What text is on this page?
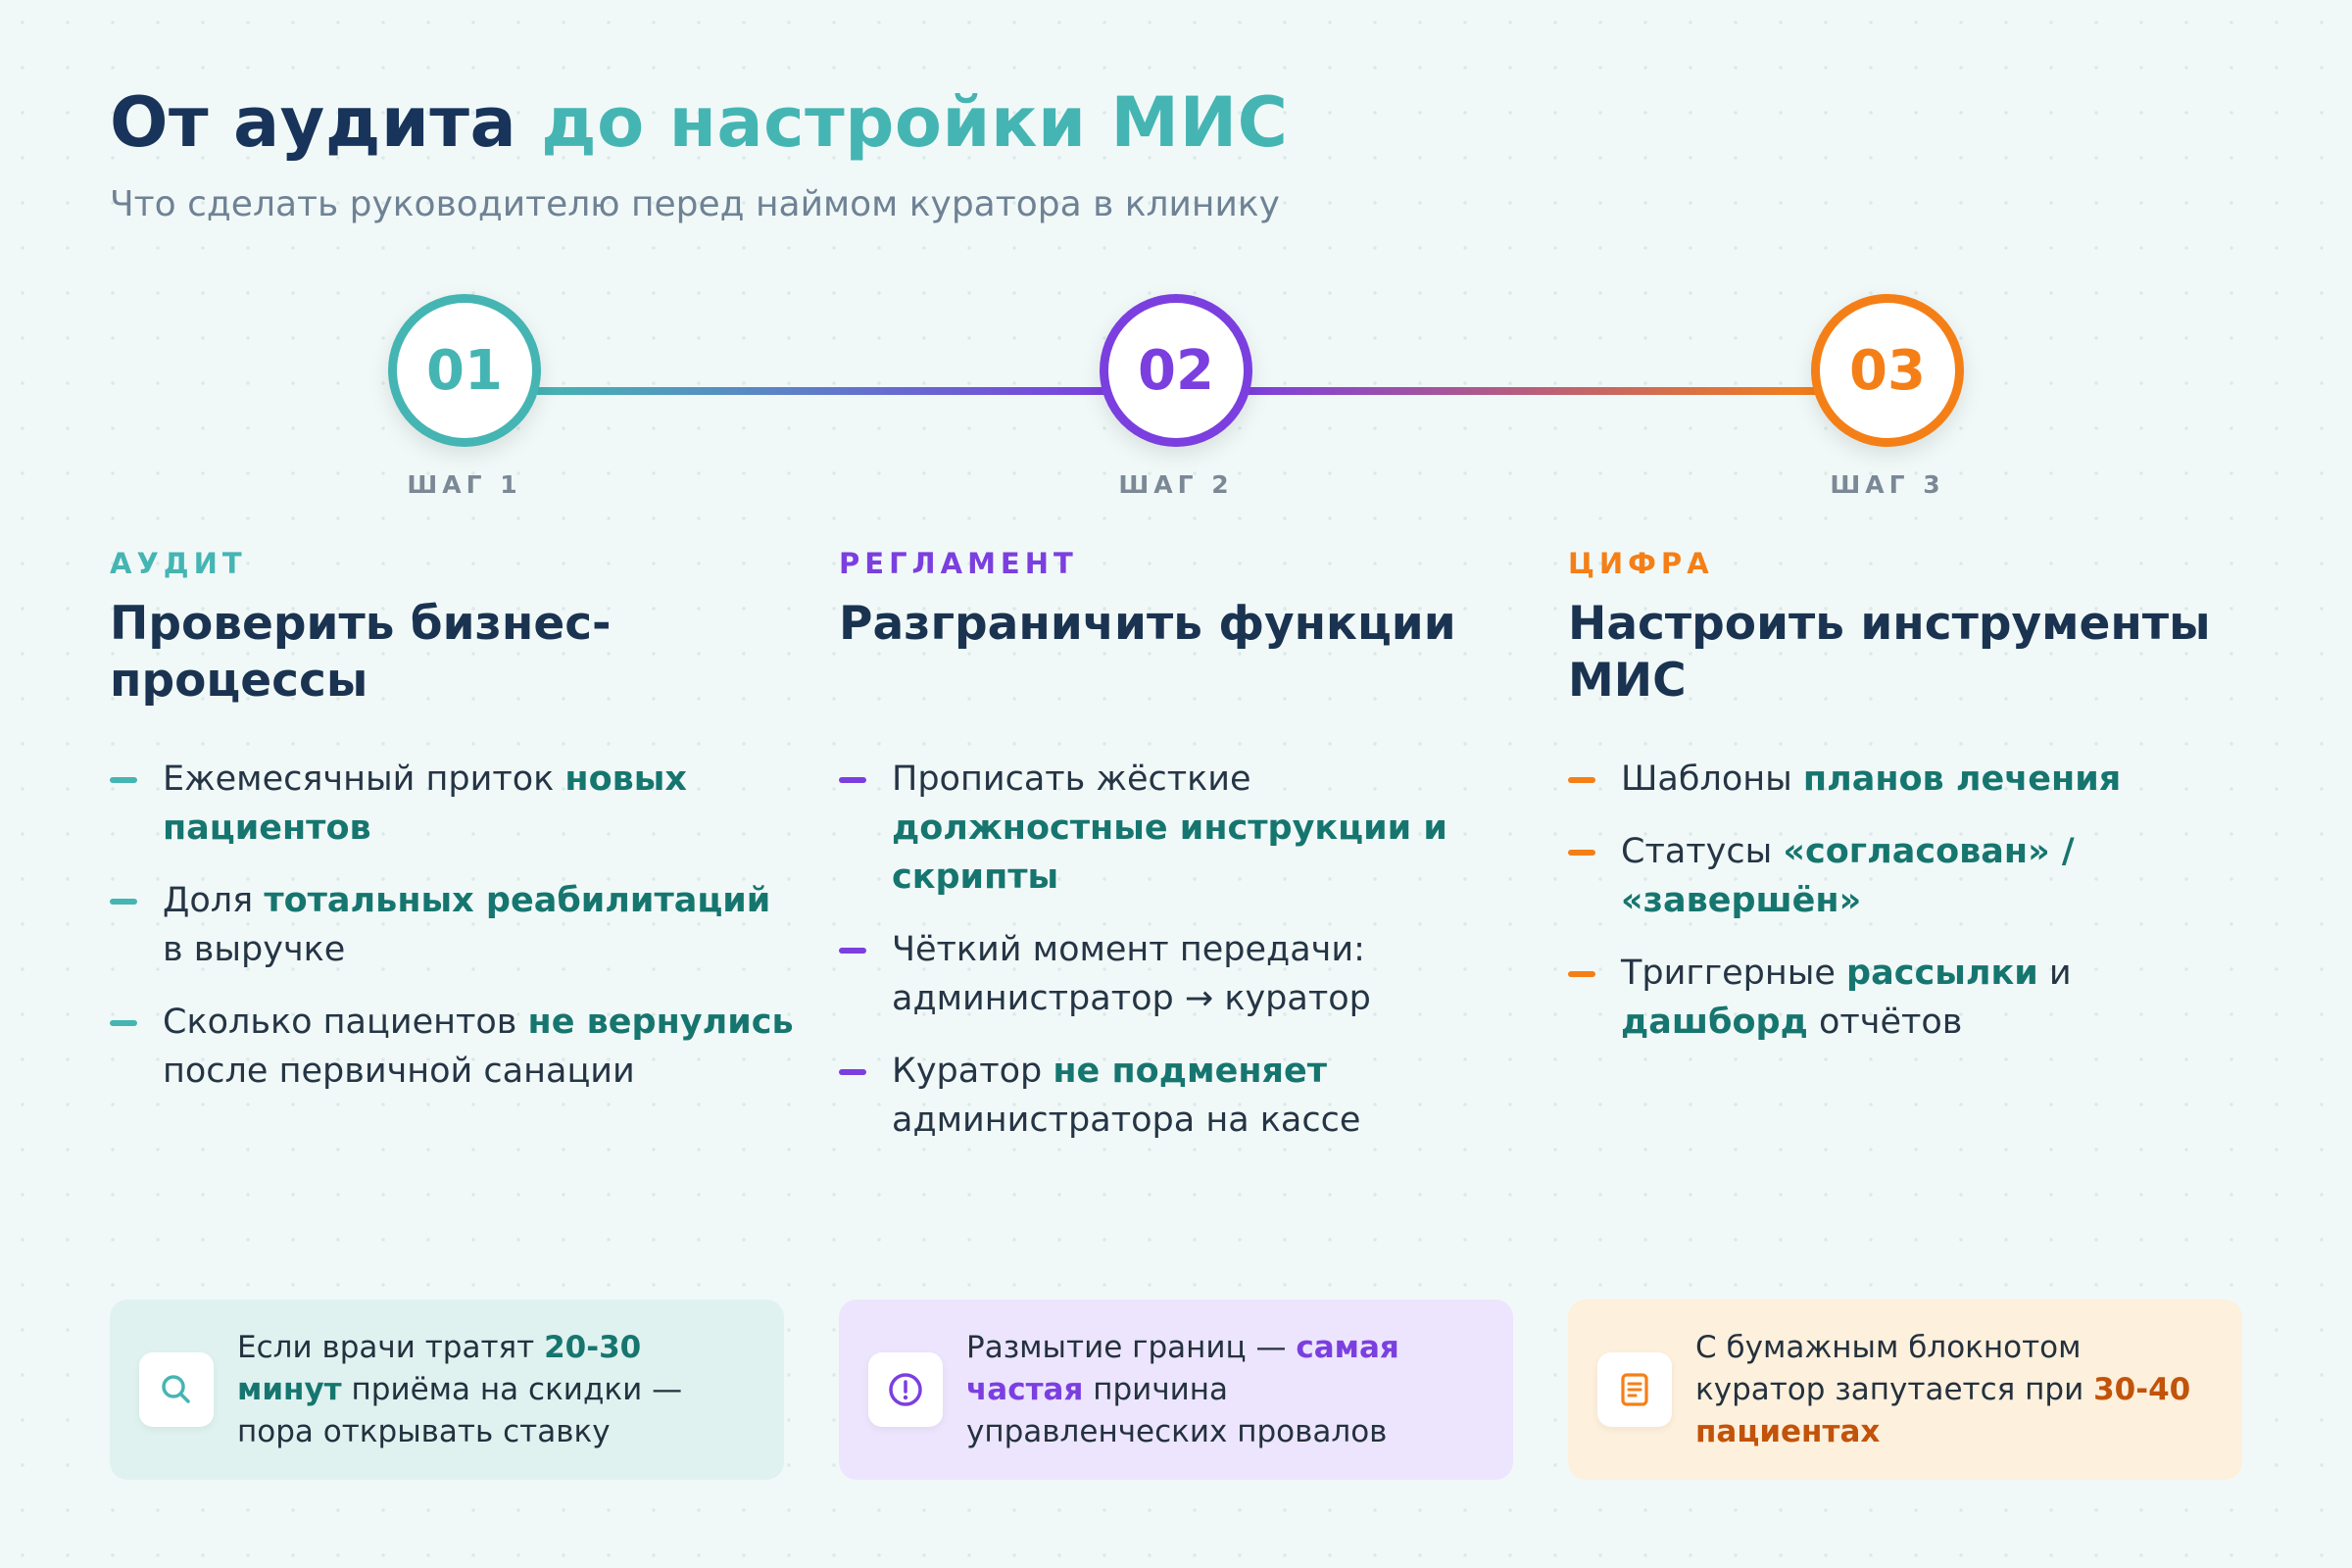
От аудита до настройки МИС
Что сделать руководителю перед наймом куратора в клинику
01	02	03
ШАГ 1	ШАГ 2	ШАГ 3
АУДИТ
Проверить бизнес-
процессы
Ежемесячный приток новых пациентов
Доля тотальных реабилитаций в выручке
Сколько пациентов не вернулись после первичной санации
РЕГЛАМЕНТ
Разграничить функции
Прописать жёсткие должностные инструкции и скрипты
Чёткий момент передачи: администратор → куратор
Куратор не подменяет администратора на кассе
ЦИФРА
Настроить инструменты
МИС
Шаблоны планов лечения
Статусы «согласован» / «завершён»
Триггерные рассылки и дашборд отчётов
Если врачи тратят 20-30 минут приёма на скидки — пора открывать ставку
Размытие границ — самая частая причина управленческих провалов
С бумажным блокнотом куратор запутается при 30-40 пациентах
